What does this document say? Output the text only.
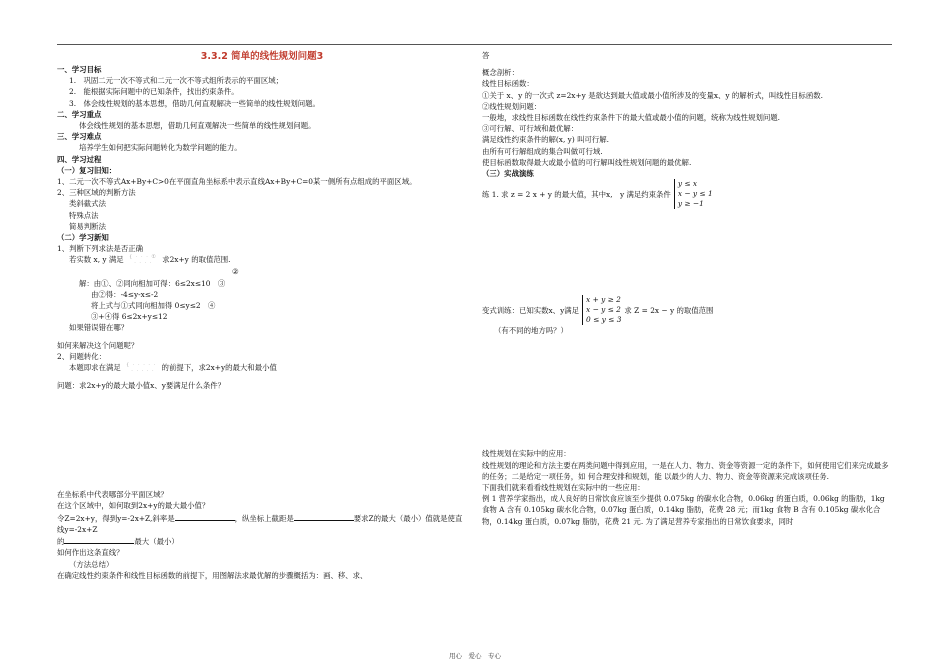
3.3.2 简单的线性规划问题3
一、学习目标
1.　巩固二元一次不等式和二元一次不等式组所表示的平面区域；
2.　能根据实际问题中的已知条件，找出约束条件。
3.　体会线性规划的基本思想，借助几何直观解决一些简单的线性规划问题。
二、学习重点
体会线性规划的基本思想，借助几何直观解决一些简单的线性规划问题。
三、学习难点
培养学生如何把实际问题转化为数学问题的能力。
四、学习过程
（一）复习旧知：
1、二元一次不等式Ax+By+C>0在平面直角坐标系中表示直线Ax+By+C=0某一侧所有点组成的平面区域。
2、三种区域的判断方法
类斜截式法
特殊点法
简易判断法
（二）学习新知
1、判断下列求法是否正确
若实数 x, y 满足 { · · · ①
· · · · 求2x+y 的取值范围.
②
解：由①、②同向相加可得：6≤2x≤10　③
由②得：-4≤y-x≤-2
将上式与①式同向相加得 0≤y≤2　④
③+④得 6≤2x+y≤12
如果错误错在哪？
如何来解决这个问题呢？
2、问题转化：
本题即求在满足 { · · · · ·
· · · · · 的前提下，求2x+y的最大和最小值
问题：求2x+y的最大最小值x、y要满足什么条件？
在坐标系中代表哪部分平面区域？
在这个区域中，如何取到2x+y的最大最小值？
令Z=2x+y，得到y=-2x+Z,斜率是	，纵坐标上截距是	要求Z的最大（最小）值就是使直线y=-2x+Z
的	最大（最小）
如何作出这条直线？
（方法总结）
在确定线性约束条件和线性目标函数的前提下，用图解法求最优解的步骤概括为：画、移、求、
答
概念剖析：
线性目标函数：
①关于 x、y 的一次式 z=2x+y 是欲达到最大值或最小值所涉及的变量x、y 的解析式，叫线性目标函数.
②线性规划问题：
一般地，求线性目标函数在线性约束条件下的最大值或最小值的问题，统称为线性规划问题.
③可行解、可行域和最优解：
满足线性约束条件的解(x, y) 叫可行解.
由所有可行解组成的集合叫做可行域.
使目标函数取得最大或最小值的可行解叫线性规划问题的最优解.
（三）实战演练
练 1. 求 z = 2 x + y 的最大值，其中x,　y 满足约束条件
y ≤ x
x − y ≤ 1
y ≥ −1
变式训练：已知实数x、y满足
x + y ≥ 2
x − y ≤ 2
0 ≤ y ≤ 3
求 Z = 2x − y 的取值范围
（有不同的地方吗？）
线性规划在实际中的应用：
线性规划的理论和方法主要在两类问题中得到应用，一是在人力、物力、资金等资源一定的条件下，如何使用它们来完成最多的任务；二是给定一项任务，如 何合理安排和规划，能 以最少的人力、物力、资金等资源来完成该项任务.
下面我们就来看看线性规划在实际中的一些应用：
例 1 营养学家指出，成人良好的日常饮食应该至少提供 0.075kg 的碳水化合物，0.06kg 的蛋白质，0.06kg 的脂肪，1kg 食物 A 含有 0.105kg 碳水化合物，0.07kg 蛋白质，0.14kg 脂肪，花费 28 元；而1kg 食物 B 含有 0.105kg 碳水化合物，0.14kg 蛋白质，0.07kg 脂肪，花费 21 元. 为了满足营养专家指出的日常饮食要求，同时
用心　爱心　专心
